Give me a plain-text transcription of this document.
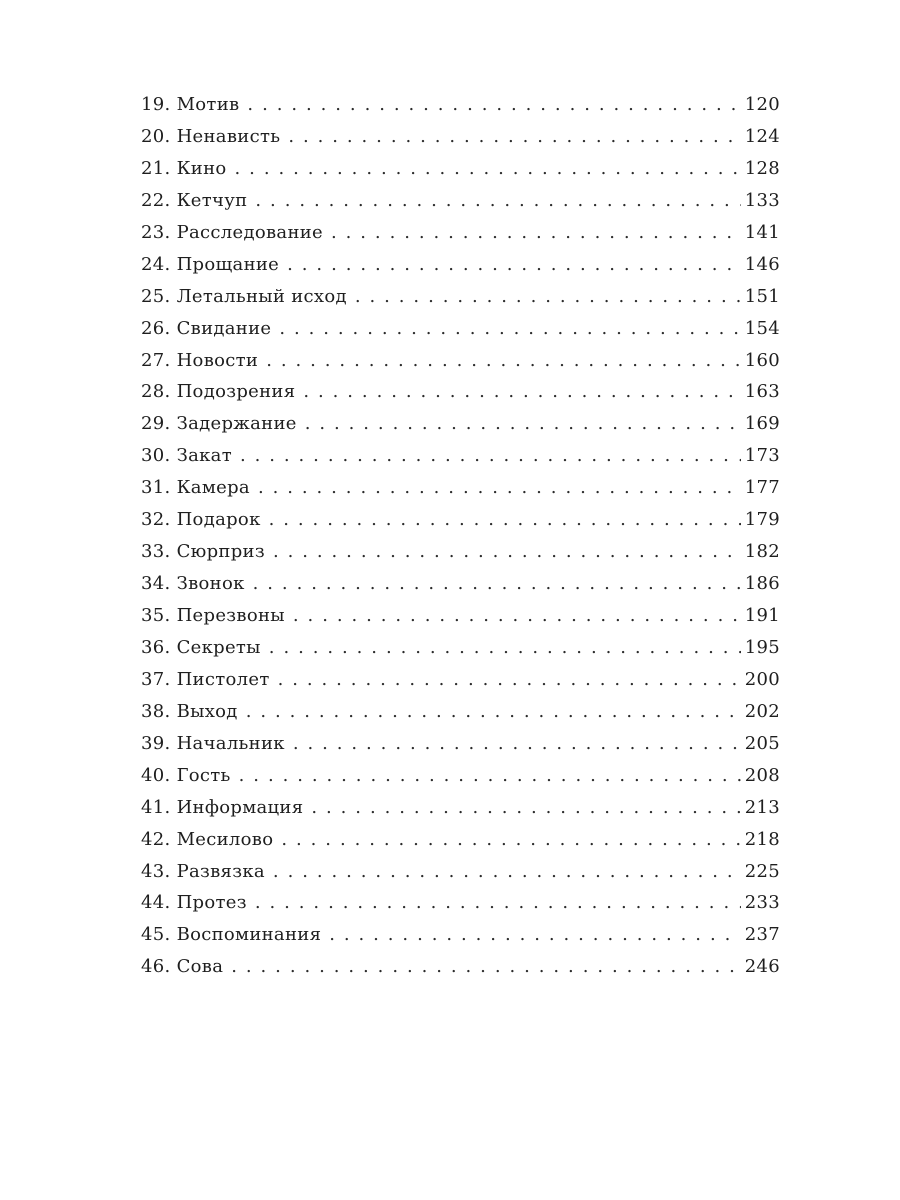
19 . Мотив . . .	120
20 . Ненависть . . .	124
21 . Кино . . .	128
22 . Кетчуп . . .	133
23 . Расследование . . .	141
24 . Прощание . . .	146
25 . Летальный исход . . .	151
26 . Свидание . . .	154
27 . Новости . . .	160
28 . Подозрения . . .	163
29 . Задержание . . .	169
30 . Закат . . .	173
31 . Камера . . .	177
32 . Подарок . . .	179
33 . Сюрприз . . .	182
34 . Звонок . . .	186
35 . Перезвоны . . .	191
36 . Секреты . . .	195
37 . Пистолет . . .	200
38 . Выход . . .	202
39 . Начальник . . .	205
40 . Гость . . .	208
41 . Информация . . .	213
42 . Месилово . . .	218
43 . Развязка . . .	225
44 . Протез . . .	233
45 . Воспоминания . . .	237
46 . Сова . . .	246
